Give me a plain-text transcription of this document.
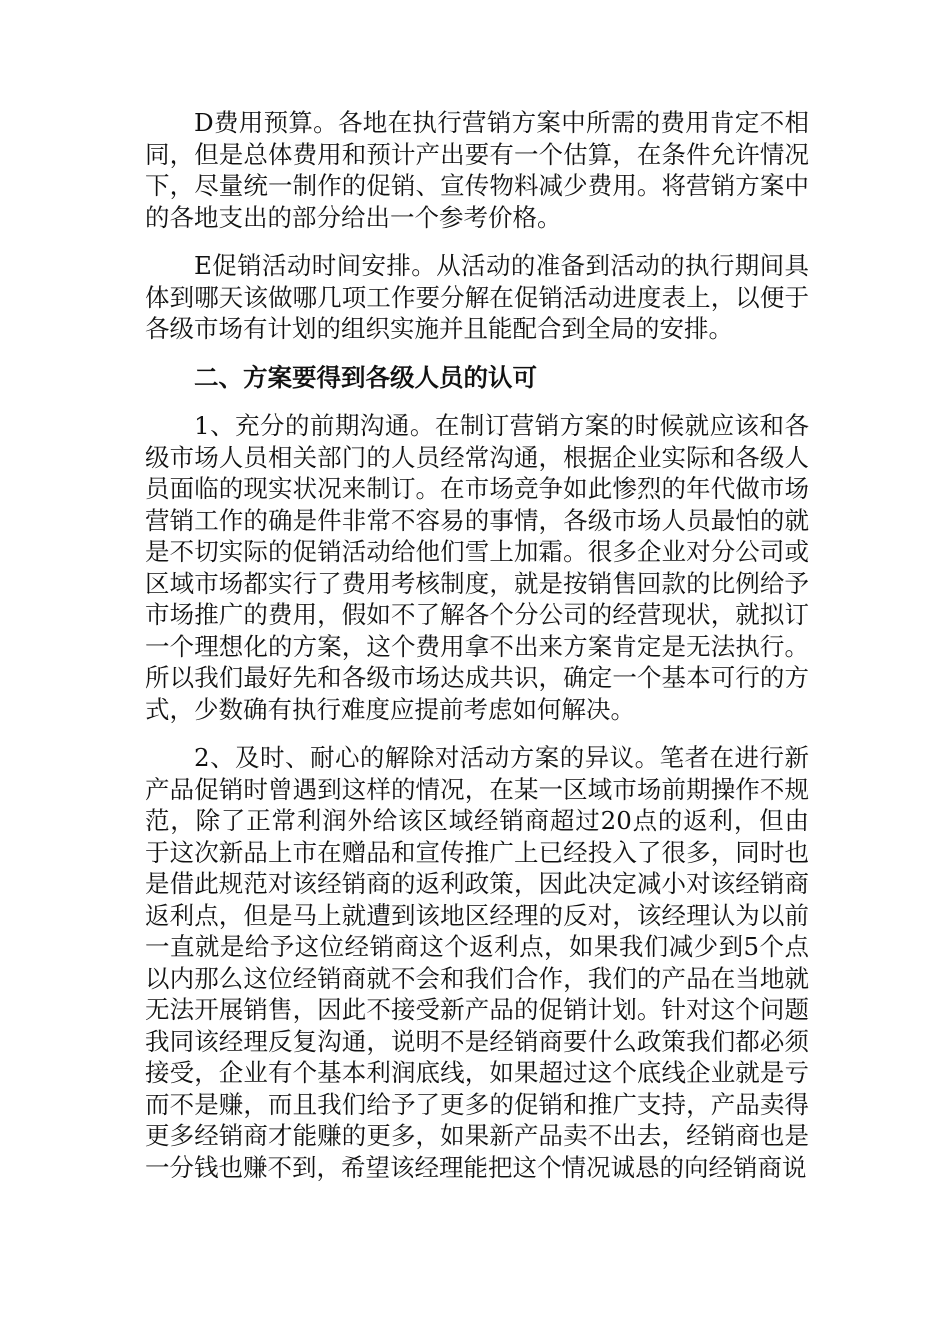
D费用预算。各地在执行营销方案中所需的费用肯定不相同，但是总体费用和预计产出要有一个估算，在条件允许情况下，尽量统一制作的促销、宣传物料减少费用。将营销方案中的各地支出的部分给出一个参考价格。

E促销活动时间安排。从活动的准备到活动的执行期间具体到哪天该做哪几项工作要分解在促销活动进度表上，以便于各级市场有计划的组织实施并且能配合到全局的安排。

二、方案要得到各级人员的认可

1、充分的前期沟通。在制订营销方案的时候就应该和各级市场人员相关部门的人员经常沟通，根据企业实际和各级人员面临的现实状况来制订。在市场竞争如此惨烈的年代做市场营销工作的确是件非常不容易的事情，各级市场人员最怕的就是不切实际的促销活动给他们雪上加霜。很多企业对分公司或区域市场都实行了费用考核制度，就是按销售回款的比例给予市场推广的费用，假如不了解各个分公司的经营现状，就拟订一个理想化的方案，这个费用拿不出来方案肯定是无法执行。所以我们最好先和各级市场达成共识，确定一个基本可行的方式，少数确有执行难度应提前考虑如何解决。

2、及时、耐心的解除对活动方案的异议。笔者在进行新产品促销时曾遇到这样的情况，在某一区域市场前期操作不规范，除了正常利润外给该区域经销商超过20点的返利，但由于这次新品上市在赠品和宣传推广上已经投入了很多，同时也是借此规范对该经销商的返利政策，因此决定减小对该经销商返利点，但是马上就遭到该地区经理的反对，该经理认为以前一直就是给予这位经销商这个返利点，如果我们减少到5个点以内那么这位经销商就不会和我们合作，我们的产品在当地就无法开展销售，因此不接受新产品的促销计划。针对这个问题我同该经理反复沟通，说明不是经销商要什么政策我们都必须接受，企业有个基本利润底线，如果超过这个底线企业就是亏而不是赚，而且我们给予了更多的促销和推广支持，产品卖得更多经销商才能赚的更多，如果新产品卖不出去，经销商也是一分钱也赚不到，希望该经理能把这个情况诚恳的向经销商说
